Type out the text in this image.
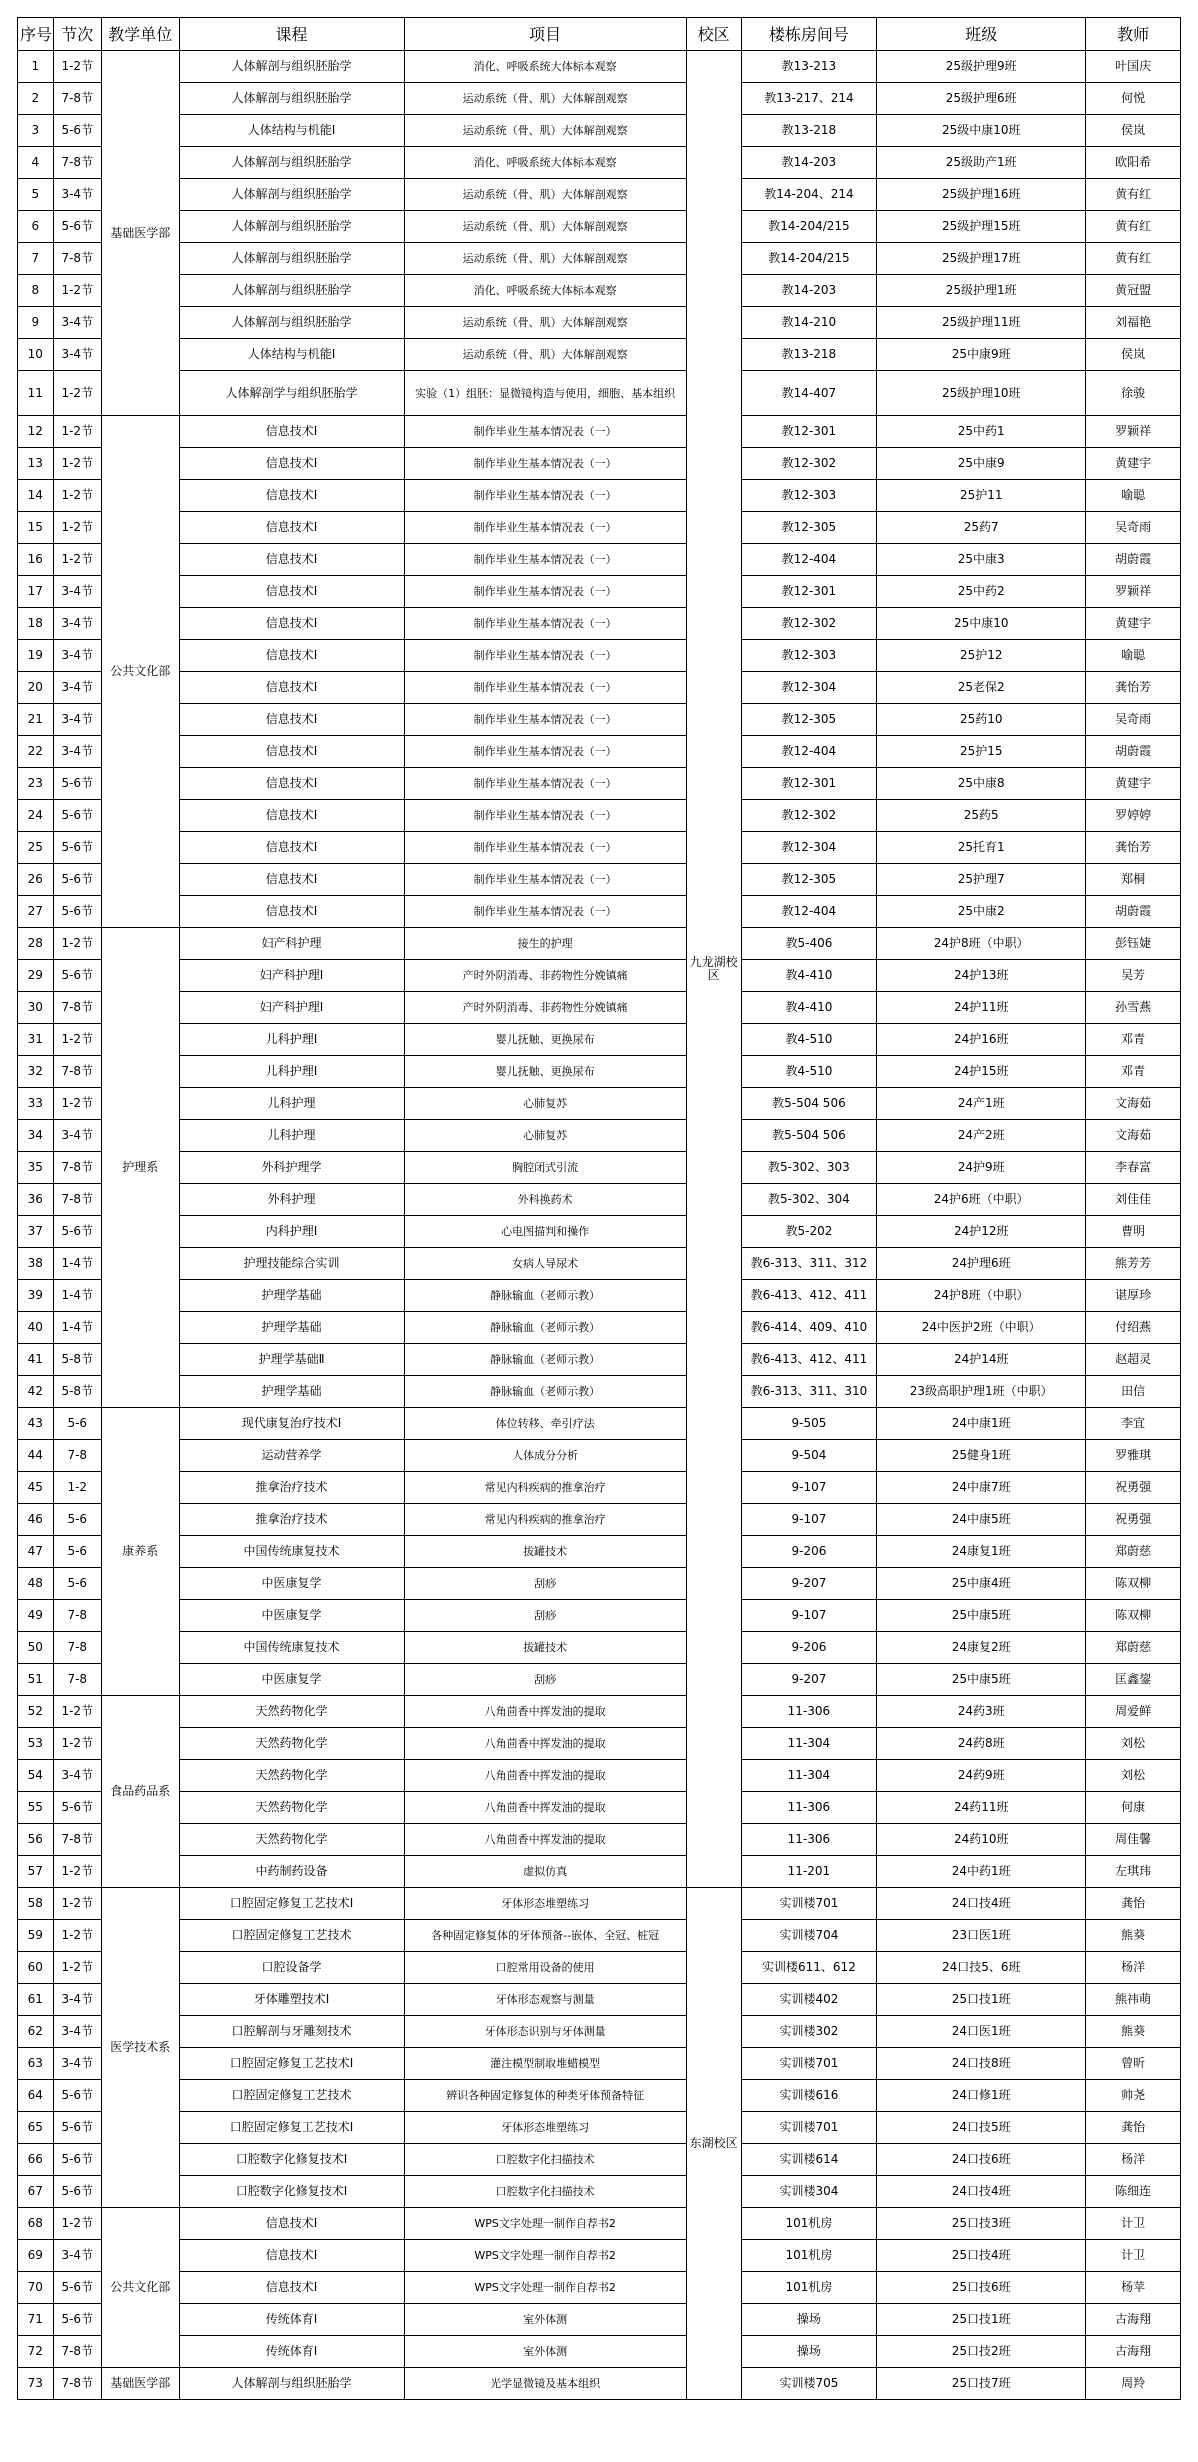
序号	节次	教学单位	课程	项目	校区	楼栋房间号	班级	教师
1	1-2节	基础医学部	人体解剖与组织胚胎学	消化、呼吸系统大体标本观察	九龙湖校区	教13-213	25级护理9班	叶国庆
2	7-8节		人体解剖与组织胚胎学	运动系统（骨、肌）大体解剖观察		教13-217、214	25级护理6班	何悦
3	5-6节		人体结构与机能Ⅰ	运动系统（骨、肌）大体解剖观察		教13-218	25级中康10班	侯岚
4	7-8节		人体解剖与组织胚胎学	消化、呼吸系统大体标本观察		教14-203	25级助产1班	欧阳希
5	3-4节		人体解剖与组织胚胎学	运动系统（骨、肌）大体解剖观察		教14-204、214	25级护理16班	黄有红
6	5-6节		人体解剖与组织胚胎学	运动系统（骨、肌）大体解剖观察		教14-204/215	25级护理15班	黄有红
7	7-8节		人体解剖与组织胚胎学	运动系统（骨、肌）大体解剖观察		教14-204/215	25级护理17班	黄有红
8	1-2节		人体解剖与组织胚胎学	消化、呼吸系统大体标本观察		教14-203	25级护理1班	黄冠盟
9	3-4节		人体解剖与组织胚胎学	运动系统（骨、肌）大体解剖观察		教14-210	25级护理11班	刘福艳
10	3-4节		人体结构与机能Ⅰ	运动系统（骨、肌）大体解剖观察		教13-218	25中康9班	侯岚
11	1-2节		人体解剖学与组织胚胎学	实验（1）组胚：显微镜构造与使用，细胞、基本组织		教14-407	25级护理10班	徐骏
12	1-2节	公共文化部	信息技术Ⅰ	制作毕业生基本情况表（一）		教12-301	25中药1	罗颖祥
13	1-2节		信息技术Ⅰ	制作毕业生基本情况表（一）		教12-302	25中康9	黄建宇
14	1-2节		信息技术Ⅰ	制作毕业生基本情况表（一）		教12-303	25护11	喻聪
15	1-2节		信息技术Ⅰ	制作毕业生基本情况表（一）		教12-305	25药7	吴奇雨
16	1-2节		信息技术Ⅰ	制作毕业生基本情况表（一）		教12-404	25中康3	胡蔚霞
17	3-4节		信息技术Ⅰ	制作毕业生基本情况表（一）		教12-301	25中药2	罗颖祥
18	3-4节		信息技术Ⅰ	制作毕业生基本情况表（一）		教12-302	25中康10	黄建宇
19	3-4节		信息技术Ⅰ	制作毕业生基本情况表（一）		教12-303	25护12	喻聪
20	3-4节		信息技术Ⅰ	制作毕业生基本情况表（一）		教12-304	25老保2	龚怡芳
21	3-4节		信息技术Ⅰ	制作毕业生基本情况表（一）		教12-305	25药10	吴奇雨
22	3-4节		信息技术Ⅰ	制作毕业生基本情况表（一）		教12-404	25护15	胡蔚霞
23	5-6节		信息技术Ⅰ	制作毕业生基本情况表（一）		教12-301	25中康8	黄建宇
24	5-6节		信息技术Ⅰ	制作毕业生基本情况表（一）		教12-302	25药5	罗婷婷
25	5-6节		信息技术Ⅰ	制作毕业生基本情况表（一）		教12-304	25托育1	龚怡芳
26	5-6节		信息技术Ⅰ	制作毕业生基本情况表（一）		教12-305	25护理7	郑桐
27	5-6节		信息技术Ⅰ	制作毕业生基本情况表（一）		教12-404	25中康2	胡蔚霞
28	1-2节	护理系	妇产科护理	接生的护理		教5-406	24护8班（中职）	彭钰婕
29	5-6节		妇产科护理Ⅰ	产时外阴消毒、非药物性分娩镇痛		教4-410	24护13班	吴芳
30	7-8节		妇产科护理Ⅰ	产时外阴消毒、非药物性分娩镇痛		教4-410	24护11班	孙雪燕
31	1-2节		儿科护理Ⅰ	婴儿抚触、更换尿布		教4-510	24护16班	邓青
32	7-8节		儿科护理Ⅰ	婴儿抚触、更换尿布		教4-510	24护15班	邓青
33	1-2节		儿科护理	心肺复苏		教5-504 506	24产1班	文海茹
34	3-4节		儿科护理	心肺复苏		教5-504 506	24产2班	文海茹
35	7-8节		外科护理学	胸腔闭式引流		教5-302、303	24护9班	李春富
36	7-8节		外科护理	外科换药术		教5-302、304	24护6班（中职）	刘佳佳
37	5-6节		内科护理Ⅰ	心电图描判和操作		教5-202	24护12班	曹明
38	1-4节		护理技能综合实训	女病人导尿术		教6-313、311、312	24护理6班	熊芳芳
39	1-4节		护理学基础	静脉输血（老师示教）		教6-413、412、411	24护8班（中职）	谌厚珍
40	1-4节		护理学基础	静脉输血（老师示教）		教6-414、409、410	24中医护2班（中职）	付绍燕
41	5-8节		护理学基础Ⅱ	静脉输血（老师示教）		教6-413、412、411	24护14班	赵超灵
42	5-8节		护理学基础	静脉输血（老师示教）		教6-313、311、310	23级高职护理1班（中职）	田信
43	5-6	康养系	现代康复治疗技术Ⅰ	体位转移、牵引疗法		9-505	24中康1班	李宜
44	7-8		运动营养学	人体成分分析		9-504	25健身1班	罗雅琪
45	1-2		推拿治疗技术	常见内科疾病的推拿治疗		9-107	24中康7班	祝勇强
46	5-6		推拿治疗技术	常见内科疾病的推拿治疗		9-107	24中康5班	祝勇强
47	5-6		中国传统康复技术	拔罐技术		9-206	24康复1班	郑蔚慈
48	5-6		中医康复学	刮痧		9-207	25中康4班	陈双柳
49	7-8		中医康复学	刮痧		9-107	25中康5班	陈双柳
50	7-8		中国传统康复技术	拔罐技术		9-206	24康复2班	郑蔚慈
51	7-8		中医康复学	刮痧		9-207	25中康5班	匡鑫鋆
52	1-2节	食品药品系	天然药物化学	八角茴香中挥发油的提取		11-306	24药3班	周爱鲜
53	1-2节		天然药物化学	八角茴香中挥发油的提取		11-304	24药8班	刘松
54	3-4节		天然药物化学	八角茴香中挥发油的提取		11-304	24药9班	刘松
55	5-6节		天然药物化学	八角茴香中挥发油的提取		11-306	24药11班	何康
56	7-8节		天然药物化学	八角茴香中挥发油的提取		11-306	24药10班	周佳馨
57	1-2节		中药制药设备	虚拟仿真		11-201	24中药1班	左琪玮
58	1-2节	医学技术系	口腔固定修复工艺技术Ⅰ	牙体形态堆塑练习	东湖校区	实训楼701	24口技4班	龚怡
59	1-2节		口腔固定修复工艺技术	各种固定修复体的牙体预备--嵌体、全冠、桩冠		实训楼704	23口医1班	熊葵
60	1-2节		口腔设备学	口腔常用设备的使用		实训楼611、612	24口技5、6班	杨洋
61	3-4节		牙体雕塑技术Ⅰ	牙体形态观察与测量		实训楼402	25口技1班	熊祎萌
62	3-4节		口腔解剖与牙雕刻技术	牙体形态识别与牙体测量		实训楼302	24口医1班	熊葵
63	3-4节		口腔固定修复工艺技术Ⅰ	灌注模型制取堆蜡模型		实训楼701	24口技8班	曾昕
64	5-6节		口腔固定修复工艺技术	辨识各种固定修复体的种类牙体预备特征		实训楼616	24口修1班	帅尧
65	5-6节		口腔固定修复工艺技术Ⅰ	牙体形态堆塑练习		实训楼701	24口技5班	龚怡
66	5-6节		口腔数字化修复技术Ⅰ	口腔数字化扫描技术		实训楼614	24口技6班	杨洋
67	5-6节		口腔数字化修复技术Ⅰ	口腔数字化扫描技术		实训楼304	24口技4班	陈细连
68	1-2节	公共文化部	信息技术Ⅰ	WPS文字处理一制作自荐书2		101机房	25口技3班	计卫
69	3-4节		信息技术Ⅰ	WPS文字处理一制作自荐书2		101机房	25口技4班	计卫
70	5-6节		信息技术Ⅰ	WPS文字处理一制作自荐书2		101机房	25口技6班	杨苹
71	5-6节		传统体育Ⅰ	室外体测		操场	25口技1班	古海翔
72	7-8节		传统体育Ⅰ	室外体测		操场	25口技2班	古海翔
73	7-8节	基础医学部	人体解剖与组织胚胎学	光学显微镜及基本组织		实训楼705	25口技7班	周羚
